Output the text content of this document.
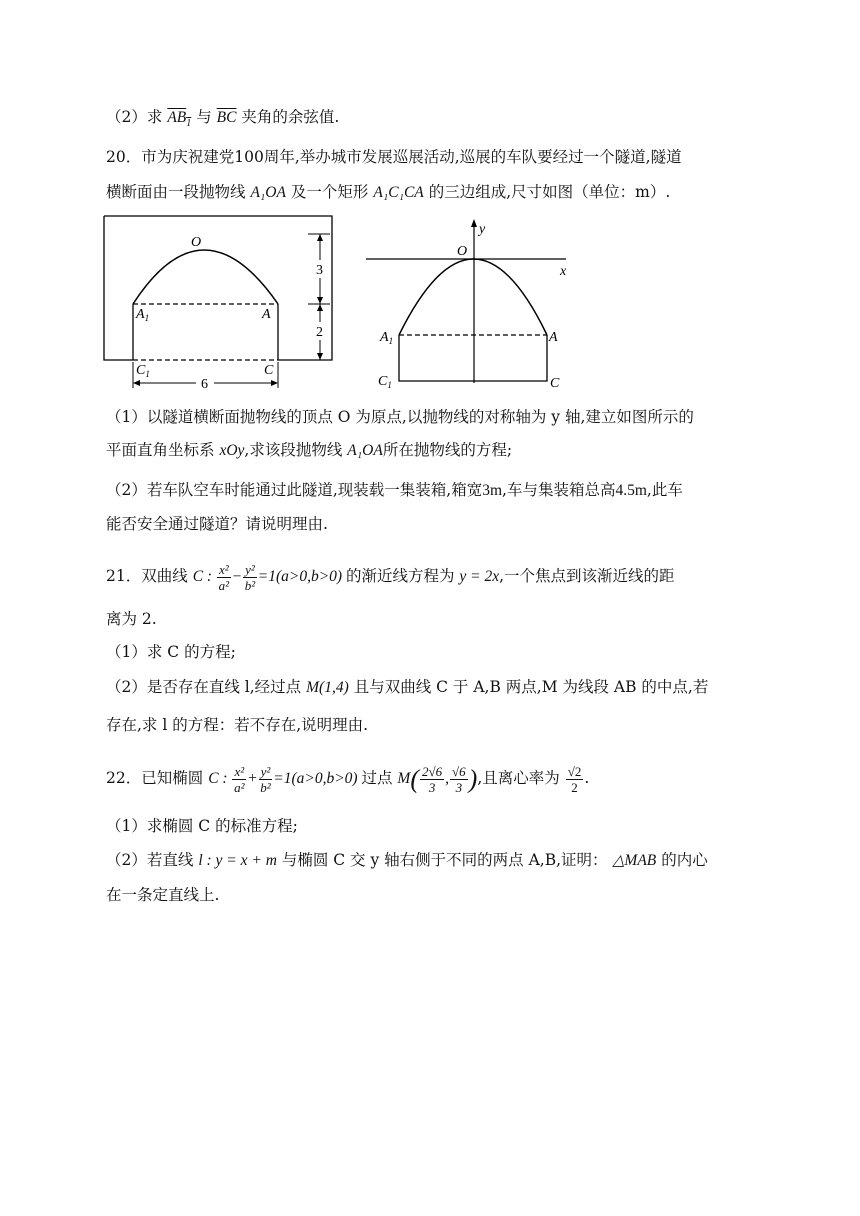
（2）求 $AB_1$ 与 $\overline{BC}$ 夹角的余弦值.
20．市为庆祝建党100周年,举办城市发展巡展活动,巡展的车队要经过一个隧道,隧道
横断面由一段抛物线 A₁OA 及一个矩形 A₁C₁CA 的三边组成,尺寸如图（单位：m）.
6
3
2
O
$A_1$	A
$C_1$	C
O
x
y
$A_1$	A
$C_1$	C
（1）以隧道横断面抛物线的顶点 O 为原点,以抛物线的对称轴为 y 轴,建立如图所示的
平面直角坐标系 xOy,求该段抛物线 A₁OA所在抛物线的方程;
（2）若车队空车时能通过此隧道,现装载一集装箱,箱宽3m,车与集装箱总高4.5m,此车
能否安全通过隧道？请说明理由.
21．双曲线 C : $\frac{\text{x²}}{\text{a²}} - \frac{\text{y²}}{\text{b²}} =1(a>0,b>0)$ 的渐近线方程为 y = 2x,一个焦点到该渐近线的距
离为 2.
（1）求 C 的方程;
（2）是否存在直线 l,经过点 M(1,4) 且与双曲线 C 于 A,B 两点,M 为线段 AB 的中点,若
存在,求 l 的方程：若不存在,说明理由.
22．已知椭圆 C : $\frac{\text{x²}}{\text{a²}} + \frac{\text{y²}}{\text{b²}} =1(a>0,b>0)$ 过点 $M( \frac{2√6}{3}$ , $\frac{√6}{3}$ ),且离心率为 $\frac{√2}{2}$ .
（1）求椭圆 C 的标准方程;
（2）若直线 l : y = x + m 与椭圆 C 交 y 轴右侧于不同的两点 A,B,证明： △MAB 的内心
在一条定直线上.
